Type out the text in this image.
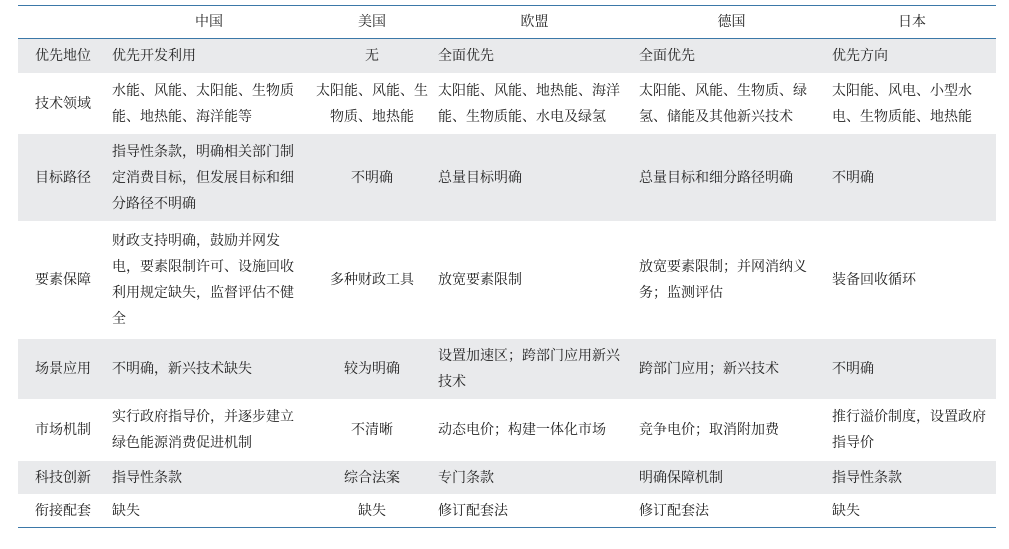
	中国	美国	欧盟	德国	日本
优先地位	优先开发利用	无	全面优先	全面优先	优先方向
技术领域	水能、风能、太阳能、生物质能、地热能、海洋能等	太阳能、风能、生物质、地热能	太阳能、风能、地热能、海洋能、生物质能、水电及绿氢	太阳能、风能、生物质、绿氢、储能及其他新兴技术	太阳能、风电、小型水电、生物质能、地热能
目标路径	指导性条款，明确相关部门制定消费目标，但发展目标和细分路径不明确	不明确	总量目标明确	总量目标和细分路径明确	不明确
要素保障	财政支持明确，鼓励并网发电，要素限制许可、设施回收利用规定缺失，监督评估不健全	多种财政工具	放宽要素限制	放宽要素限制；并网消纳义务；监测评估	装备回收循环
场景应用	不明确，新兴技术缺失	较为明确	设置加速区；跨部门应用新兴技术	跨部门应用；新兴技术	不明确
市场机制	实行政府指导价，并逐步建立绿色能源消费促进机制	不清晰	动态电价；构建一体化市场	竞争电价；取消附加费	推行溢价制度，设置政府指导价
科技创新	指导性条款	综合法案	专门条款	明确保障机制	指导性条款
衔接配套	缺失	缺失	修订配套法	修订配套法	缺失
